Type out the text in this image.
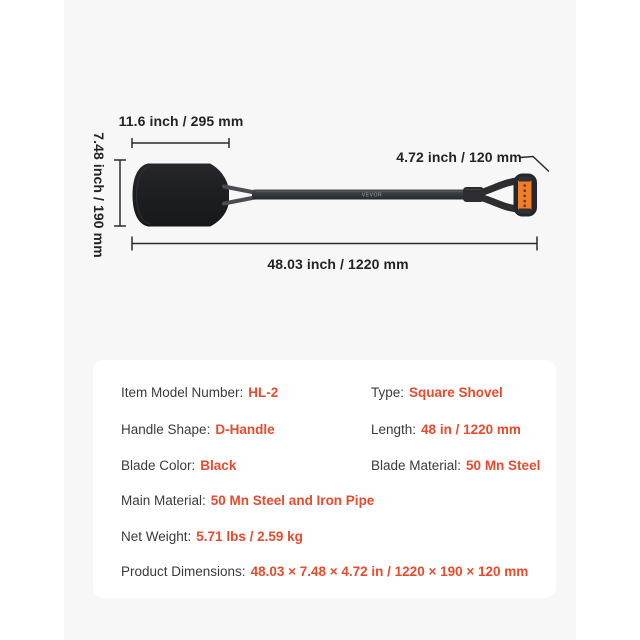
VEVOR
11.6 inch / 295 mm
7.48 inch / 190 mm	4.72 inch / 120 mm
48.03 inch / 1220 mm
Item Model Number: HL-2	Type: Square Shovel
Handle Shape: D-Handle	Length: 48 in / 1220 mm
Blade Color: Black	Blade Material: 50 Mn Steel
Main Material: 50 Mn Steel and Iron Pipe
Net Weight: 5.71 lbs / 2.59 kg
Product Dimensions: 48.03 × 7.48 × 4.72 in / 1220 × 190 × 120 mm
